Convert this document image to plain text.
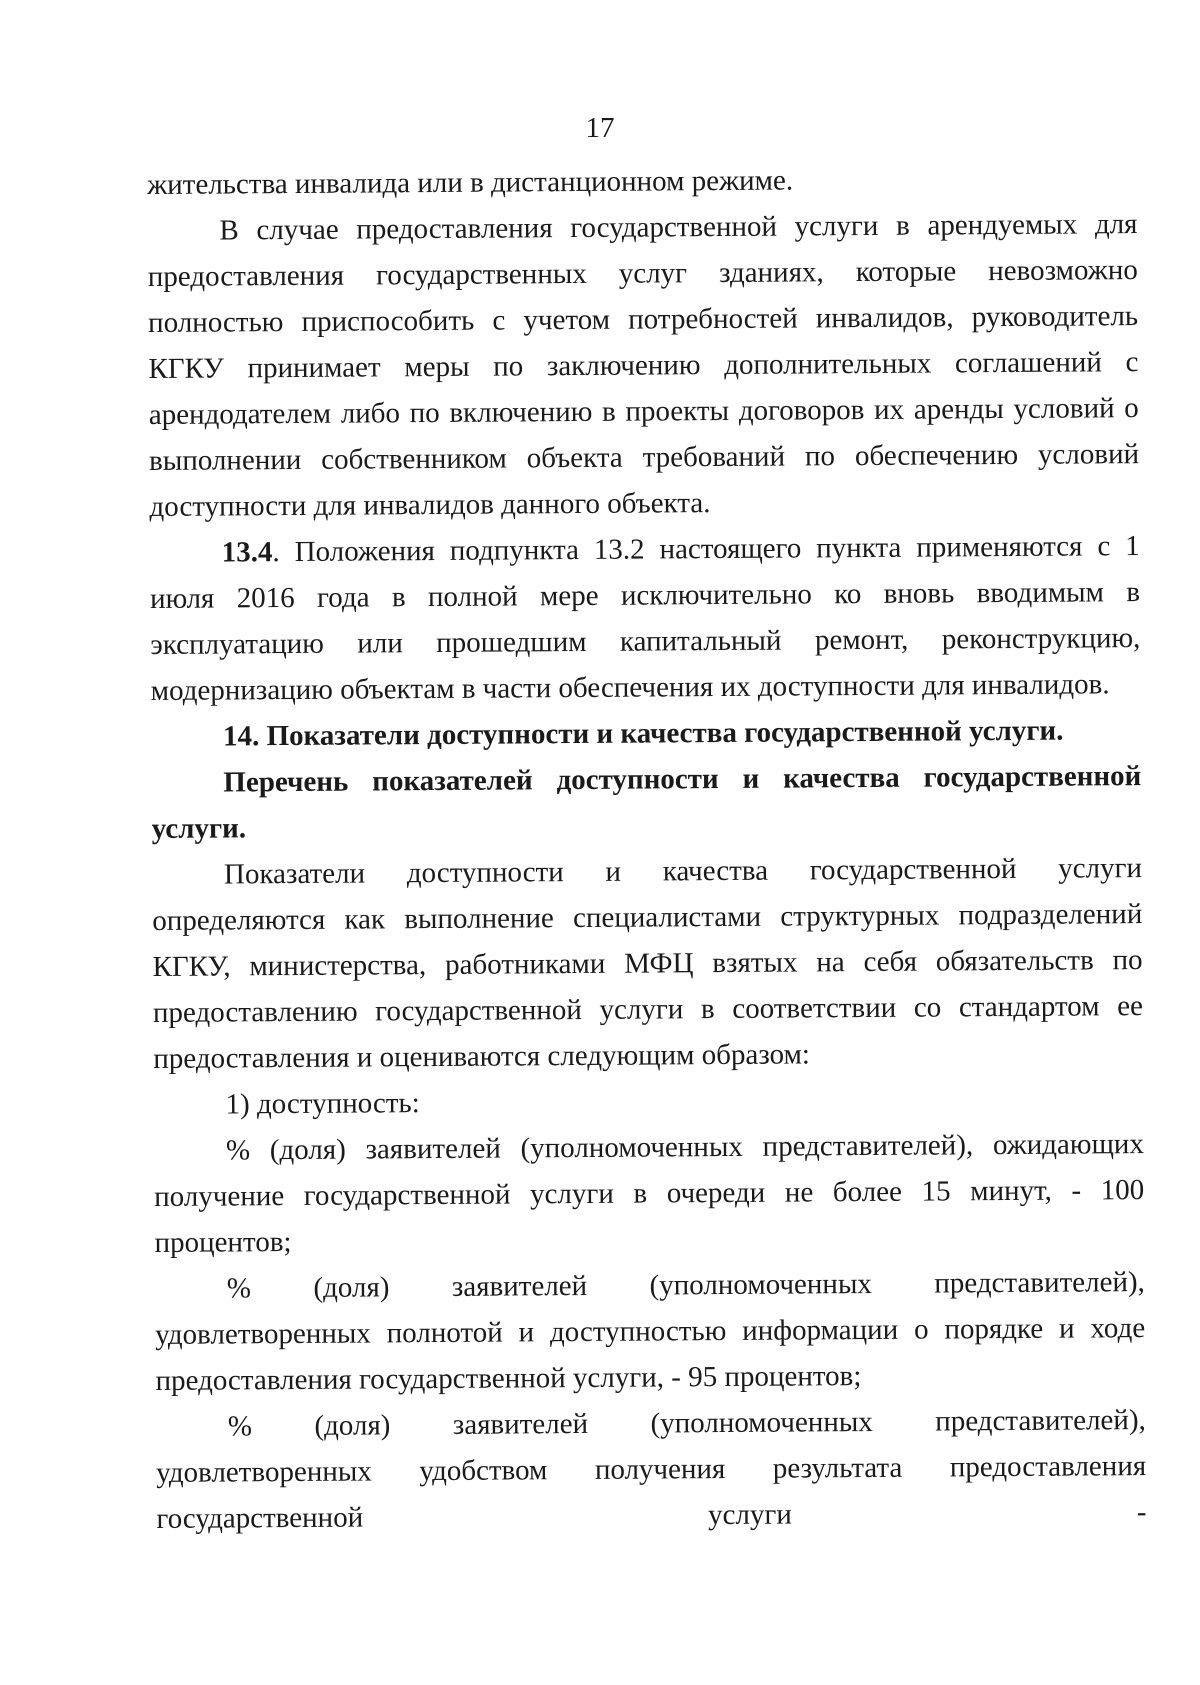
17

жительства инвалида или в дистанционном режиме.

В случае предоставления государственной услуги в арендуемых для предоставления государственных услуг зданиях, которые невозможно полностью приспособить с учетом потребностей инвалидов, руководитель КГКУ принимает меры по заключению дополнительных соглашений с арендодателем либо по включению в проекты договоров их аренды условий о выполнении собственником объекта требований по обеспечению условий доступности для инвалидов данного объекта.

13.4. Положения подпункта 13.2 настоящего пункта применяются с 1 июля 2016 года в полной мере исключительно ко вновь вводимым в эксплуатацию или прошедшим капитальный ремонт, реконструкцию, модернизацию объектам в части обеспечения их доступности для инвалидов.

14. Показатели доступности и качества государственной услуги.

Перечень показателей доступности и качества государственной услуги.

Показатели доступности и качества государственной услуги определяются как выполнение специалистами структурных подразделений КГКУ, министерства, работниками МФЦ взятых на себя обязательств по предоставлению государственной услуги в соответствии со стандартом ее предоставления и оцениваются следующим образом:

1) доступность:

% (доля) заявителей (уполномоченных представителей), ожидающих получение государственной услуги в очереди не более 15 минут, - 100 процентов;

% (доля) заявителей (уполномоченных представителей), удовлетворенных полнотой и доступностью информации о порядке и ходе предоставления государственной услуги, - 95 процентов;

% (доля) заявителей (уполномоченных представителей), удовлетворенных удобством получения результата предоставления государственной услуги -
